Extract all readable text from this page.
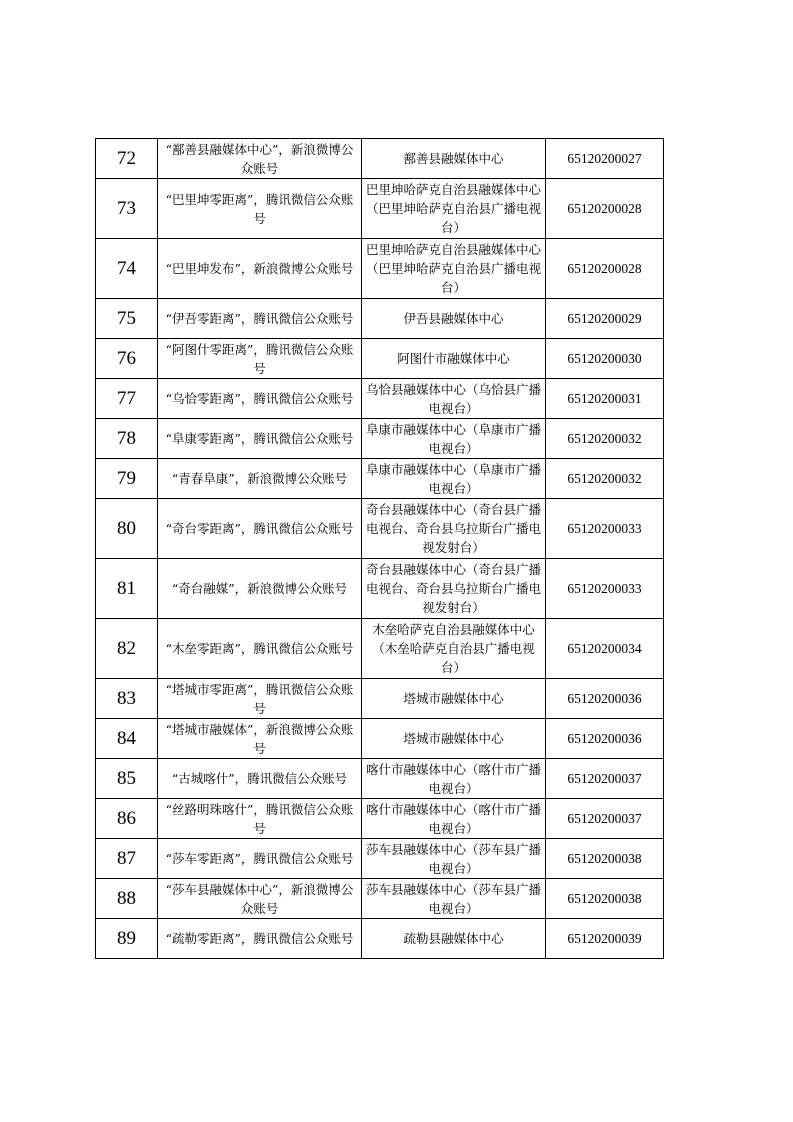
72	“鄯善县融媒体中心”，新浪微博公众账号	鄯善县融媒体中心	65120200027
73	“巴里坤零距离”，腾讯微信公众账号	巴里坤哈萨克自治县融媒体中心（巴里坤哈萨克自治县广播电视台）	65120200028
74	“巴里坤发布”，新浪微博公众账号	巴里坤哈萨克自治县融媒体中心（巴里坤哈萨克自治县广播电视台）	65120200028
75	“伊吾零距离”，腾讯微信公众账号	伊吾县融媒体中心	65120200029
76	“阿图什零距离”，腾讯微信公众账号	阿图什市融媒体中心	65120200030
77	“乌恰零距离”，腾讯微信公众账号	乌恰县融媒体中心（乌恰县广播电视台）	65120200031
78	“阜康零距离”，腾讯微信公众账号	阜康市融媒体中心（阜康市广播电视台）	65120200032
79	“青春阜康”，新浪微博公众账号	阜康市融媒体中心（阜康市广播电视台）	65120200032
80	“奇台零距离”，腾讯微信公众账号	奇台县融媒体中心（奇台县广播电视台、奇台县乌拉斯台广播电视发射台）	65120200033
81	“奇台融媒”，新浪微博公众账号	奇台县融媒体中心（奇台县广播电视台、奇台县乌拉斯台广播电视发射台）	65120200033
82	“木垒零距离”，腾讯微信公众账号	木垒哈萨克自治县融媒体中心（木垒哈萨克自治县广播电视台）	65120200034
83	“塔城市零距离”，腾讯微信公众账号	塔城市融媒体中心	65120200036
84	“塔城市融媒体”，新浪微博公众账号	塔城市融媒体中心	65120200036
85	“古城喀什”，腾讯微信公众账号	喀什市融媒体中心（喀什市广播电视台）	65120200037
86	“丝路明珠喀什”，腾讯微信公众账号	喀什市融媒体中心（喀什市广播电视台）	65120200037
87	“莎车零距离”，腾讯微信公众账号	莎车县融媒体中心（莎车县广播电视台）	65120200038
88	“莎车县融媒体中心”，新浪微博公众账号	莎车县融媒体中心（莎车县广播电视台）	65120200038
89	“疏勒零距离”，腾讯微信公众账号	疏勒县融媒体中心	65120200039
